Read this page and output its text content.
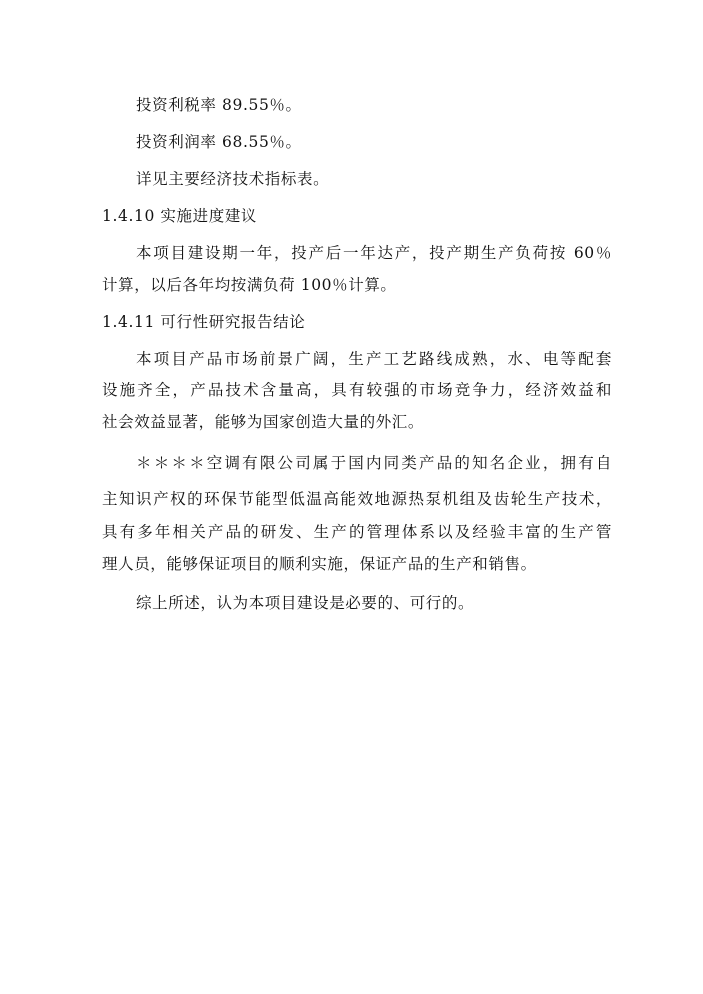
投资利税率 89.55％。
投资利润率 68.55％。
详见主要经济技术指标表。
1.4.10 实施进度建议
本项目建设期一年，投产后一年达产，投产期生产负荷按 60％
计算，以后各年均按满负荷 100％计算。
1.4.11 可行性研究报告结论
本项目产品市场前景广阔，生产工艺路线成熟，水、电等配套
设施齐全，产品技术含量高，具有较强的市场竞争力，经济效益和
社会效益显著，能够为国家创造大量的外汇。
＊＊＊＊空调有限公司属于国内同类产品的知名企业，拥有自
主知识产权的环保节能型低温高能效地源热泵机组及齿轮生产技术，
具有多年相关产品的研发、生产的管理体系以及经验丰富的生产管
理人员，能够保证项目的顺利实施，保证产品的生产和销售。
综上所述，认为本项目建设是必要的、可行的。
